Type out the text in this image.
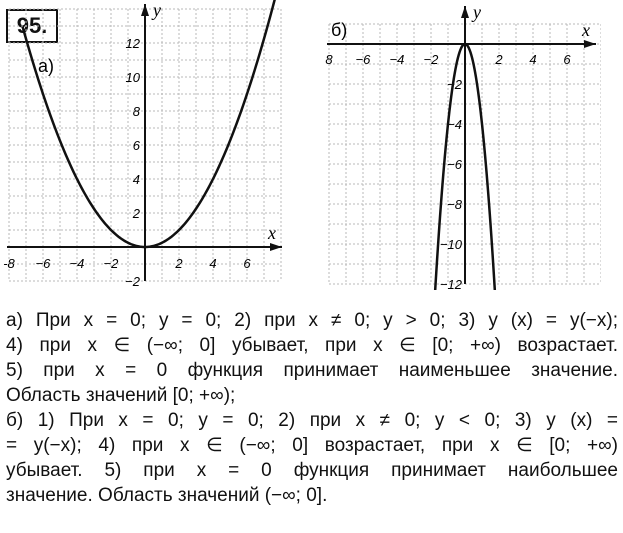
95.
x
y
а)
-8 −6 −4 −2	2 4 6
12
10
8
6
4
2
−2
x
y
б)
8 −6 −4 −2	2 4 6
−2
−4
−6
−8
−10
−12

а) При x = 0; y = 0; 2) при x ≠ 0; y > 0; 3) y (x) = y(−x);

4) при x ∈ (−∞; 0] убывает, при x ∈ [0; +∞) возрастает.

5) при x = 0 функция принимает наименьшее значение.

Область значений [0; +∞);

б) 1) При x = 0; y = 0; 2) при x ≠ 0; y < 0; 3) y (x) =

= y(−x); 4) при x ∈ (−∞; 0] возрастает, при x ∈ [0; +∞)

убывает. 5) при x = 0 функция принимает наибольшее

значение. Область значений (−∞; 0].
